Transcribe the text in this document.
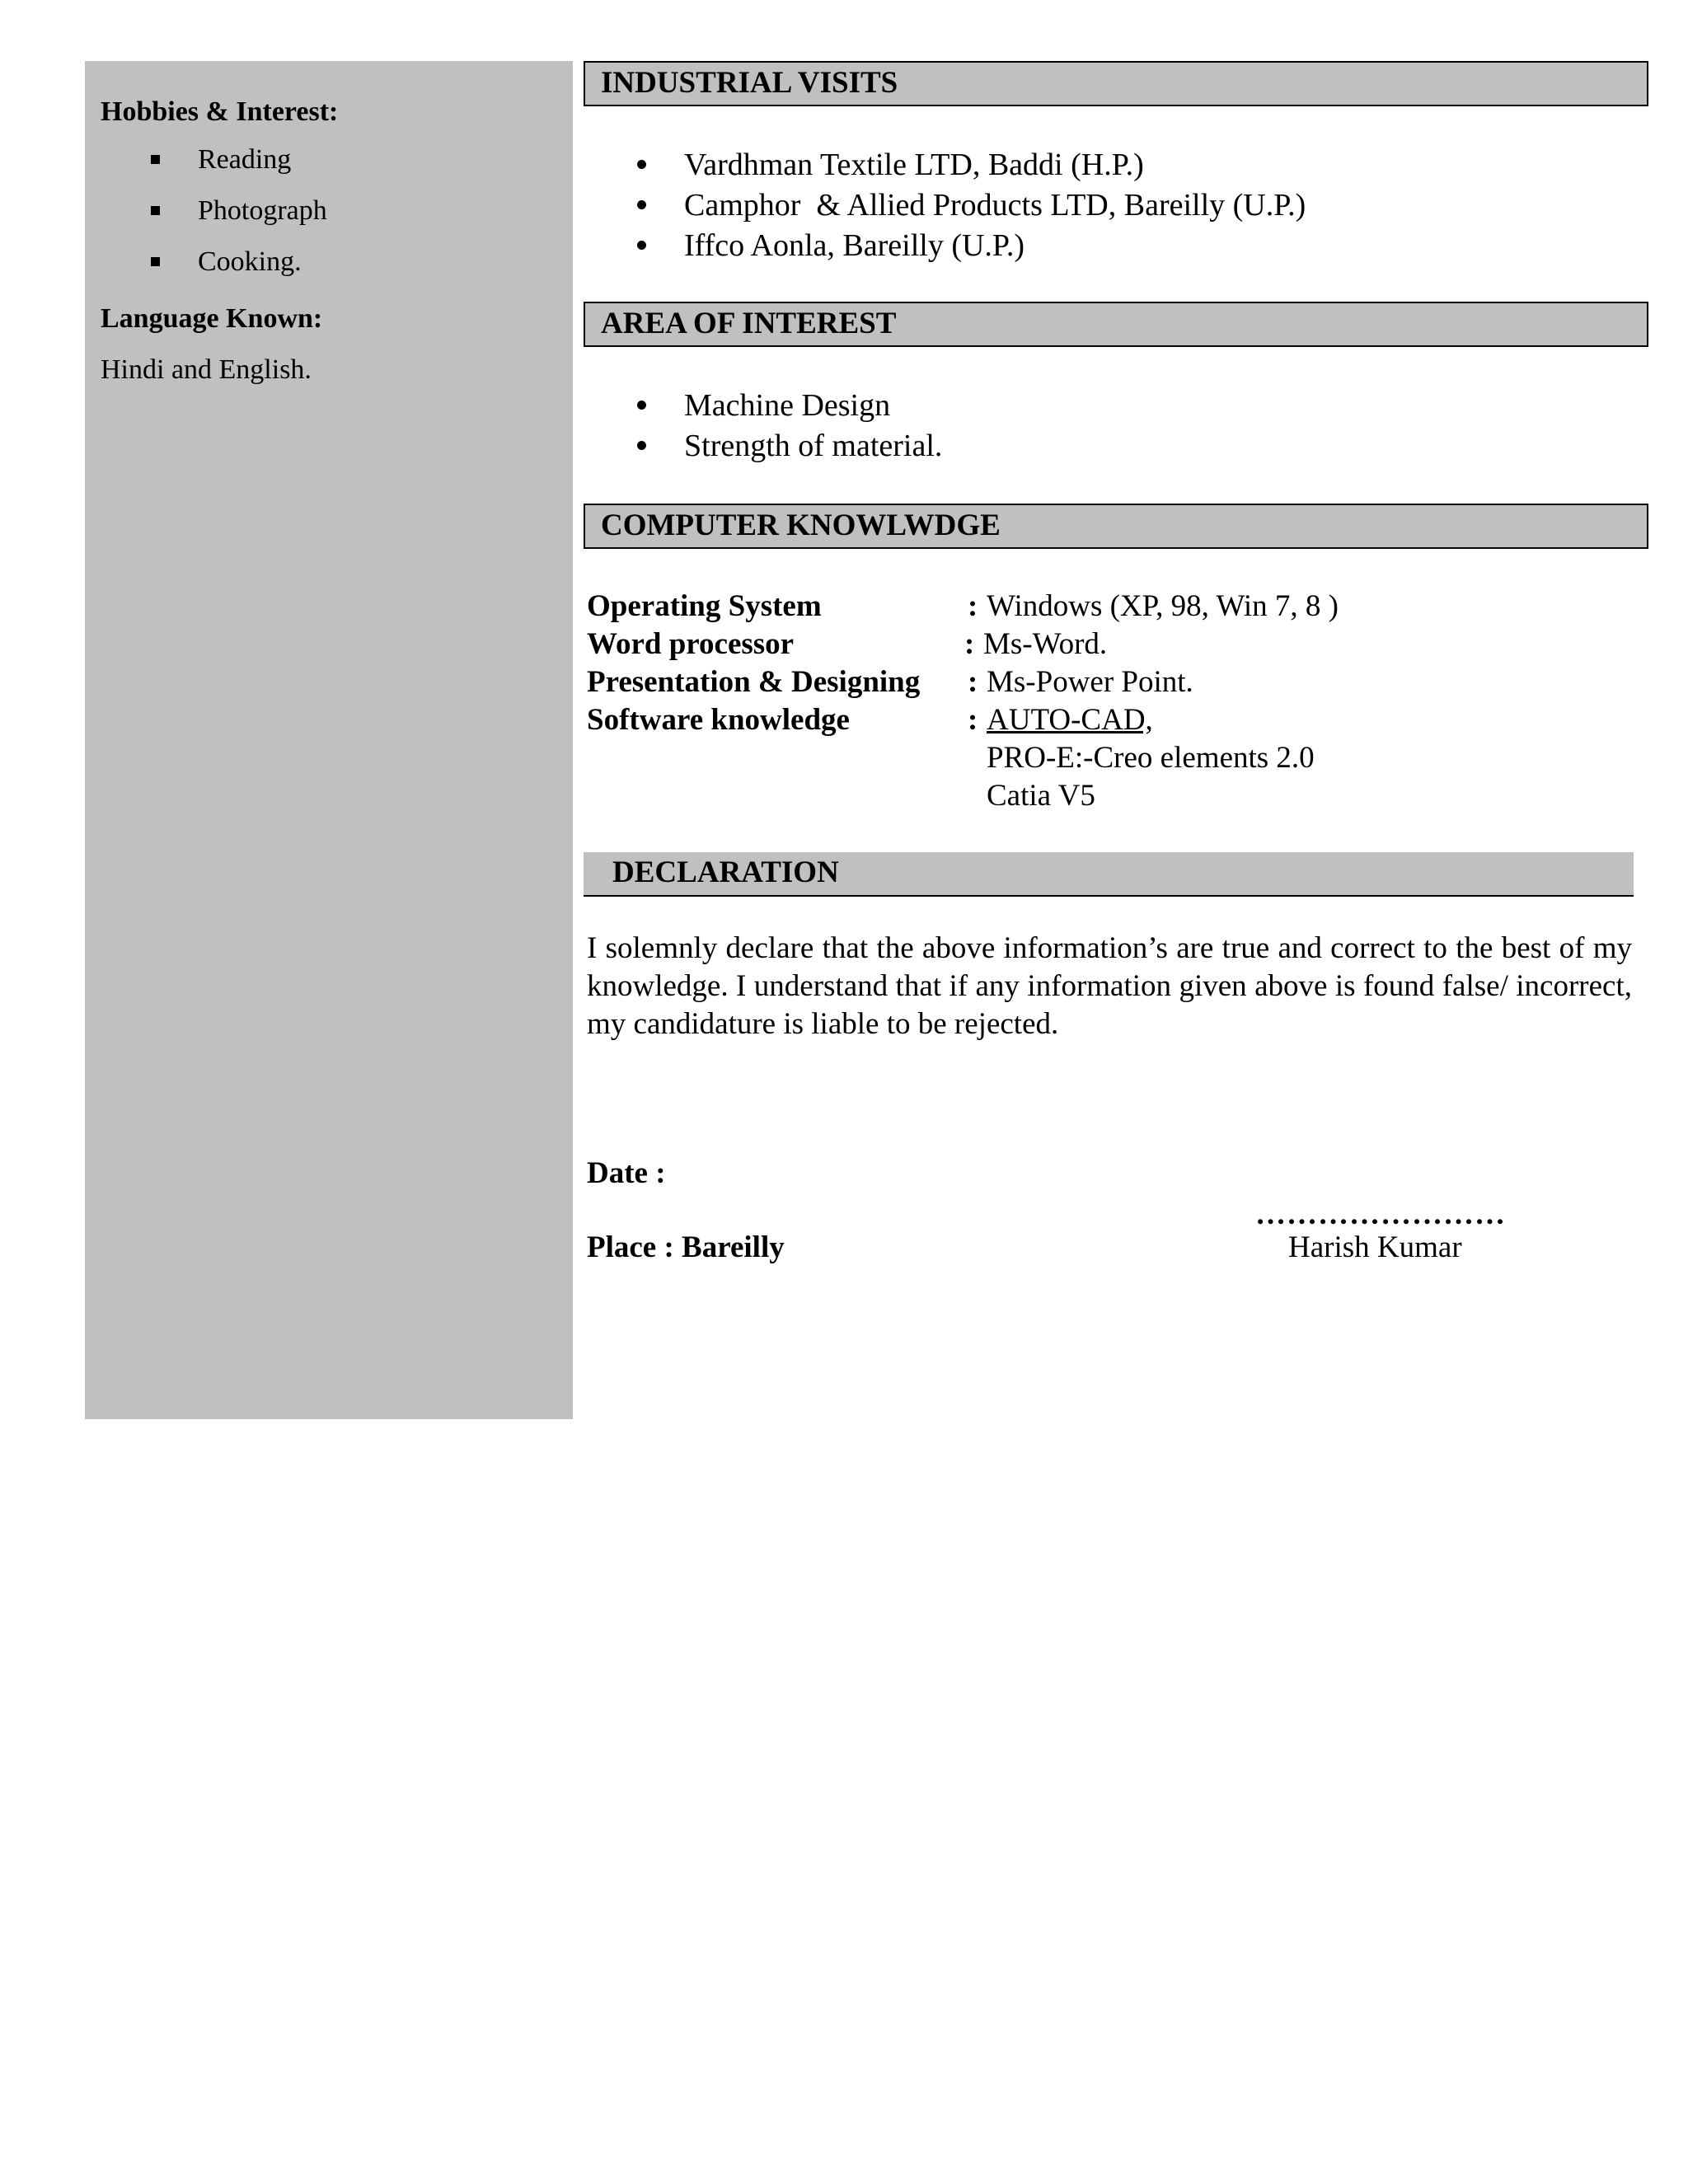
Hobbies & Interest:
Reading
Photograph
Cooking.
Language Known:
Hindi and English.
INDUSTRIAL VISITS
Vardhman Textile LTD, Baddi (H.P.)
Camphor  & Allied Products LTD, Bareilly (U.P.)
Iffco Aonla, Bareilly (U.P.)
AREA OF INTEREST
Machine Design
Strength of material.
COMPUTER KNOWLWDGE
Operating System	: Windows (XP, 98, Win 7, 8 )
Word processor	: Ms-Word.
Presentation & Designing : Ms-Power Point.
Software knowledge	: AUTO-CAD,
PRO-E:-Creo elements 2.0
Catia V5
DECLARATION

I solemnly declare that the above information’s are true and correct to the best of my knowledge. I understand that if any information given above is found false/ incorrect, my candidature is liable to be rejected.

Date :
……………………
Place : Bareilly	Harish Kumar
